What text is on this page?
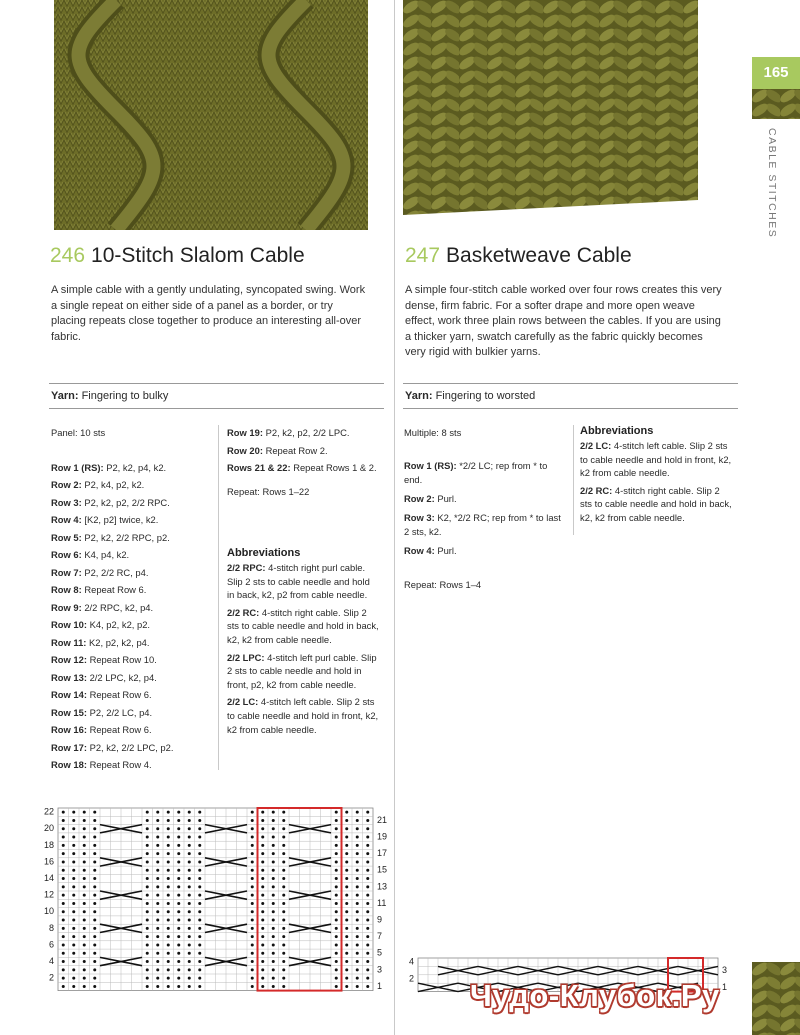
165
CABLE STITCHES
246 10-Stitch Slalom Cable

A simple cable with a gently undulating, syncopated swing. Work a single repeat on either side of a panel as a border, or try placing repeats close together to produce an interesting all-over fabric.

Yarn: Fingering to bulky
Panel: 10 sts
Row 1 (RS): P2, k2, p4, k2.
Row 2: P2, k4, p2, k2.
Row 3: P2, k2, p2, 2/2 RPC.
Row 4: [K2, p2] twice, k2.
Row 5: P2, k2, 2/2 RPC, p2.
Row 6: K4, p4, k2.
Row 7: P2, 2/2 RC, p4.
Row 8: Repeat Row 6.
Row 9: 2/2 RPC, k2, p4.
Row 10: K4, p2, k2, p2.
Row 11: K2, p2, k2, p4.
Row 12: Repeat Row 10.
Row 13: 2/2 LPC, k2, p4.
Row 14: Repeat Row 6.
Row 15: P2, 2/2 LC, p4.
Row 16: Repeat Row 6.
Row 17: P2, k2, 2/2 LPC, p2.
Row 18: Repeat Row 4.
Row 19: P2, k2, p2, 2/2 LPC.
Row 20: Repeat Row 2.
Rows 21 & 22: Repeat Rows 1 & 2.
Repeat: Rows 1–22
Abbreviations
2/2 RPC: 4-stitch right purl cable. Slip 2 sts to cable needle and hold in back, k2, p2 from cable needle.
2/2 RC: 4-stitch right cable. Slip 2 sts to cable needle and hold in back, k2, k2 from cable needle.
2/2 LPC: 4-stitch left purl cable. Slip 2 sts to cable needle and hold in front, p2, k2 from cable needle.
2/2 LC: 4-stitch left cable. Slip 2 sts to cable needle and hold in front, k2, k2 from cable needle.
247 Basketweave Cable

A simple four-stitch cable worked over four rows creates this very dense, firm fabric. For a softer drape and more open weave effect, work three plain rows between the cables. If you are using a thicker yarn, swatch carefully as the fabric quickly becomes very rigid with bulkier yarns.

Yarn: Fingering to worsted
Multiple: 8 sts
Row 1 (RS): *2/2 LC; rep from * to end.
Row 2: Purl.
Row 3: K2, *2/2 RC; rep from * to last 2 sts, k2.
Row 4: Purl.
Repeat: Rows 1–4
Abbreviations
2/2 LC: 4-stitch left cable. Slip 2 sts to cable needle and hold in front, k2, k2 from cable needle.
2/2 RC: 4-stitch right cable. Slip 2 sts to cable needle and hold in back, k2, k2 from cable needle.
22
20
18
16
14
12
10
8
6
4
2
21
19
17
15
13
11
9
7
5
3
1
4
2
3
1
Чудо-Клубок.Ру
